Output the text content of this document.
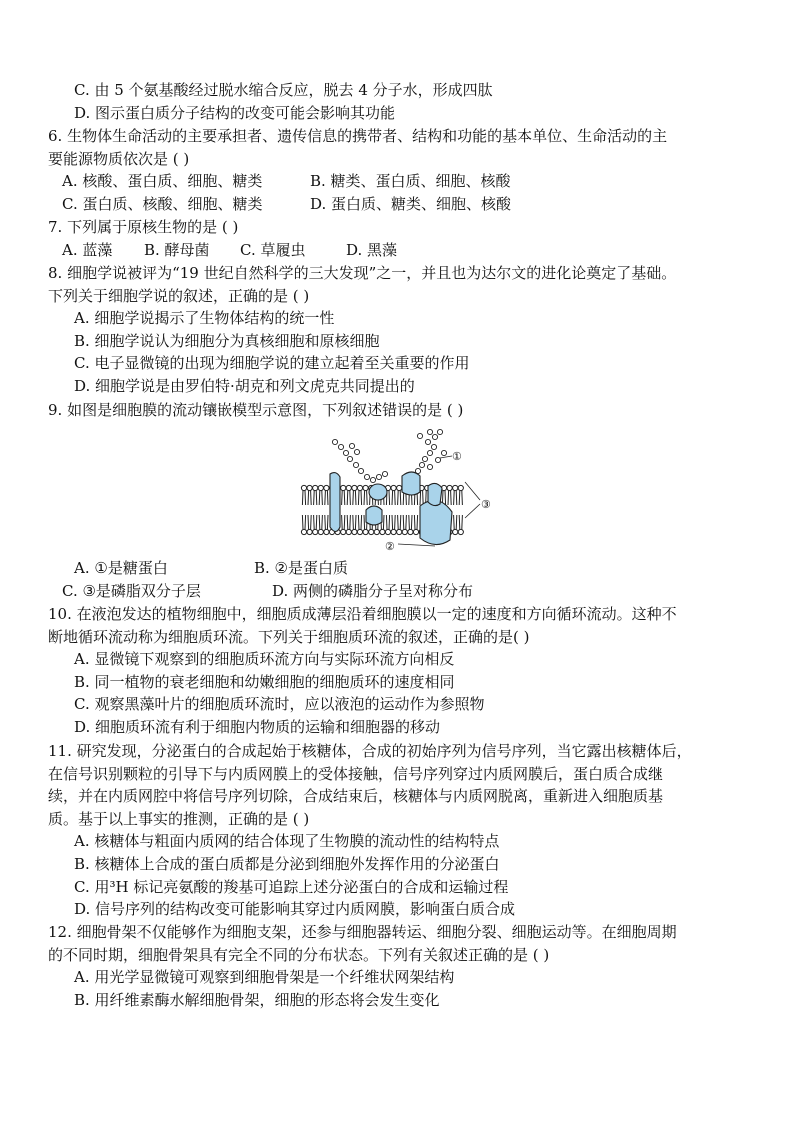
C. 由 5 个氨基酸经过脱水缩合反应，脱去 4 分子水，形成四肽
D. 图示蛋白质分子结构的改变可能会影响其功能
6. 生物体生命活动的主要承担者、遗传信息的携带者、结构和功能的基本单位、生命活动的主
要能源物质依次是 ( )
A. 核酸、蛋白质、细胞、糖类	B. 糖类、蛋白质、细胞、核酸
C. 蛋白质、核酸、细胞、糖类	D. 蛋白质、糖类、细胞、核酸
7. 下列属于原核生物的是 ( )
A. 蓝藻	B. 酵母菌	C. 草履虫	D. 黑藻
8. 细胞学说被评为“19 世纪自然科学的三大发现”之一，并且也为达尔文的进化论奠定了基础。
下列关于细胞学说的叙述，正确的是 ( )
A. 细胞学说揭示了生物体结构的统一性
B. 细胞学说认为细胞分为真核细胞和原核细胞
C. 电子显微镜的出现为细胞学说的建立起着至关重要的作用
D. 细胞学说是由罗伯特·胡克和列文虎克共同提出的
9. 如图是细胞膜的流动镶嵌模型示意图，下列叙述错误的是 ( )
①
③
②
A. ①是糖蛋白	B. ②是蛋白质
C. ③是磷脂双分子层	D. 两侧的磷脂分子呈对称分布
10. 在液泡发达的植物细胞中，细胞质成薄层沿着细胞膜以一定的速度和方向循环流动。这种不
断地循环流动称为细胞质环流。下列关于细胞质环流的叙述，正确的是( )
A. 显微镜下观察到的细胞质环流方向与实际环流方向相反
B. 同一植物的衰老细胞和幼嫩细胞的细胞质环的速度相同
C. 观察黑藻叶片的细胞质环流时，应以液泡的运动作为参照物
D. 细胞质环流有利于细胞内物质的运输和细胞器的移动
11. 研究发现，分泌蛋白的合成起始于核糖体，合成的初始序列为信号序列，当它露出核糖体后，
在信号识别颗粒的引导下与内质网膜上的受体接触，信号序列穿过内质网膜后，蛋白质合成继
续，并在内质网腔中将信号序列切除，合成结束后，核糖体与内质网脱离，重新进入细胞质基
质。基于以上事实的推测，正确的是 ( )
A. 核糖体与粗面内质网的结合体现了生物膜的流动性的结构特点
B. 核糖体上合成的蛋白质都是分泌到细胞外发挥作用的分泌蛋白
C. 用³H 标记亮氨酸的羧基可追踪上述分泌蛋白的合成和运输过程
D. 信号序列的结构改变可能影响其穿过内质网膜，影响蛋白质合成
12. 细胞骨架不仅能够作为细胞支架，还参与细胞器转运、细胞分裂、细胞运动等。在细胞周期
的不同时期，细胞骨架具有完全不同的分布状态。下列有关叙述正确的是 ( )
A. 用光学显微镜可观察到细胞骨架是一个纤维状网架结构
B. 用纤维素酶水解细胞骨架，细胞的形态将会发生变化
